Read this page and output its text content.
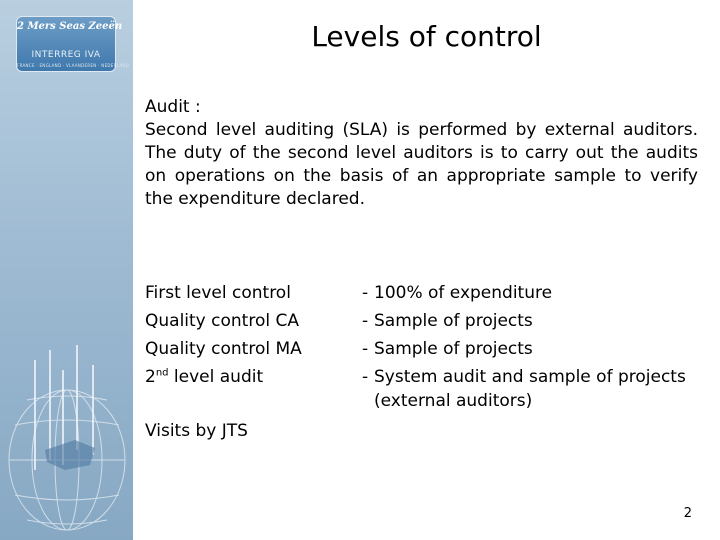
2 Mers Seas Zeeën
INTERREG IVA
FRANCE · ENGLAND · VLAANDEREN · NEDERLAND
Levels of control
Audit :
Second level auditing (SLA) is performed by external auditors. The duty of the second level auditors is to carry out the audits on operations on the basis of an appropriate sample to verify the expenditure declared.
First level control
Quality control CA
Quality control MA
2nd level audit
- 100% of expenditure
- Sample of projects
- Sample of projects
- System audit and sample of projects
(external auditors)
Visits by JTS
2
